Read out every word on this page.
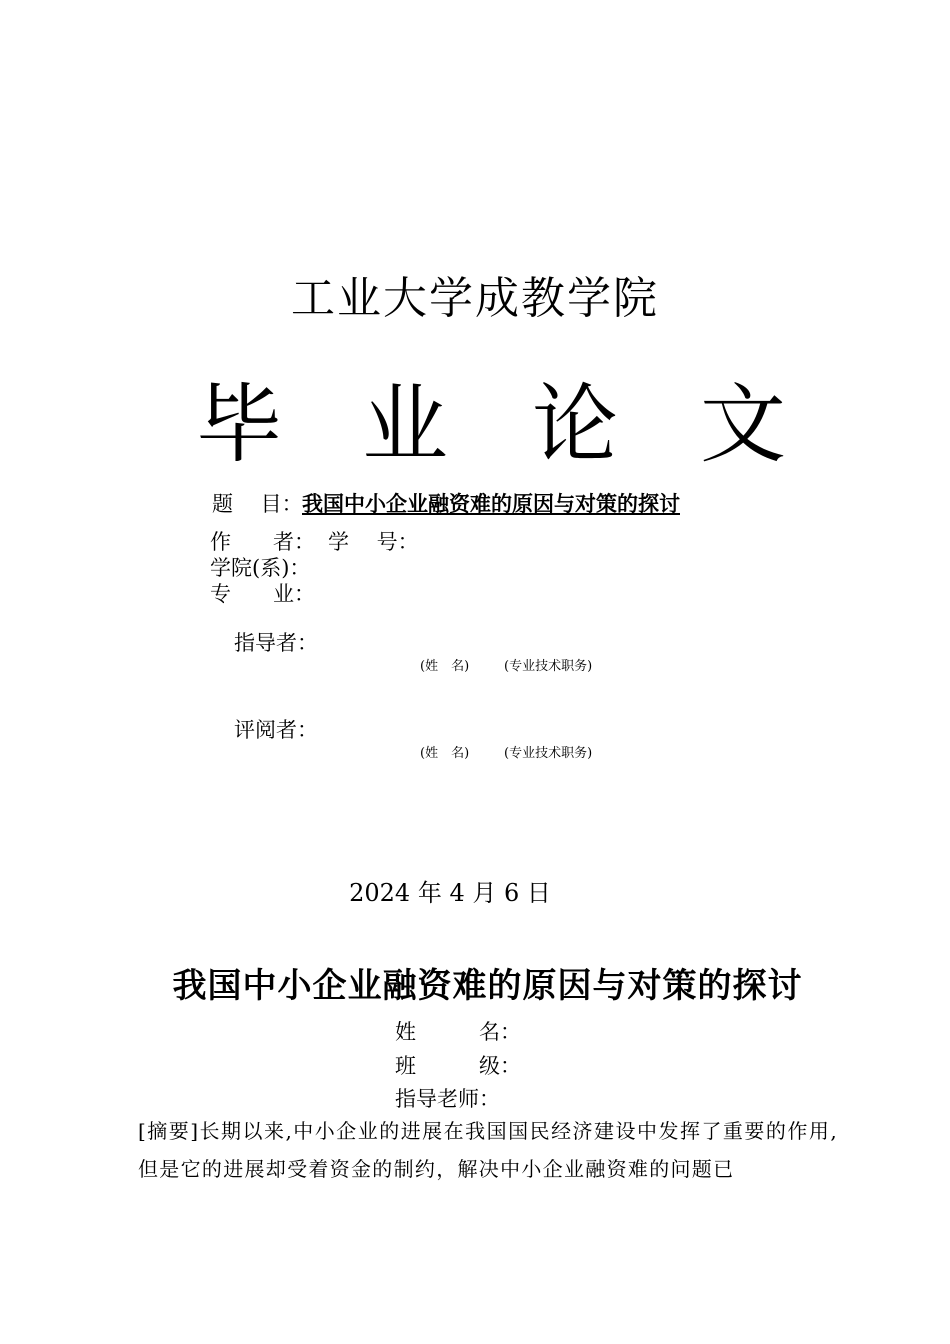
工业大学成教学院
毕 业 论 文
题　 目：我国中小企业融资难的原因与对策的探讨
作　　者： 学　 号：
学院(系)：
专　　业：
指导者：
(姓　名)	(专业技术职务)
评阅者：
(姓　名)	(专业技术职务)
2024 年 4 月 6 日
我国中小企业融资难的原因与对策的探讨
姓　　　名：
班　　　级：
指导老师：
[摘要]长期以来,中小企业的进展在我国国民经济建设中发挥了重要的作用,但是它的进展却受着资金的制约，解决中小企业融资难的问题已
